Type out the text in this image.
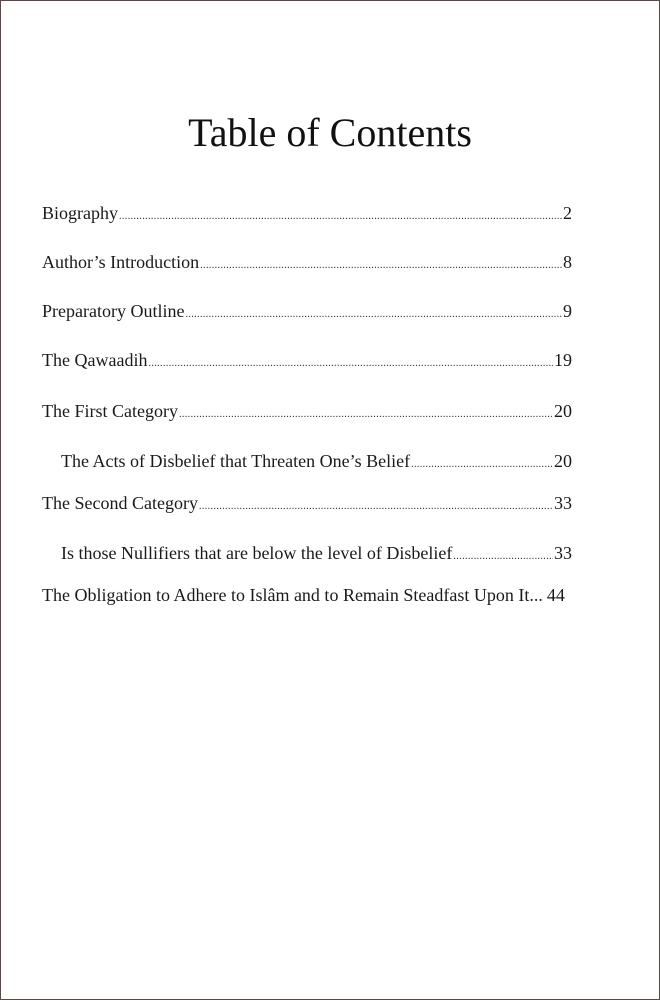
Table of Contents
Biography .....	2
Author’s Introduction .....	8
Preparatory Outline .....	9
The Qawaadih .....	19
The First Category .....	20
The Acts of Disbelief that Threaten One’s Belief .....	20
The Second Category .....	33
Is those Nullifiers that are below the level of Disbelief .....	33
The Obligation to Adhere to Islâm and to Remain Steadfast Upon It ... 44
